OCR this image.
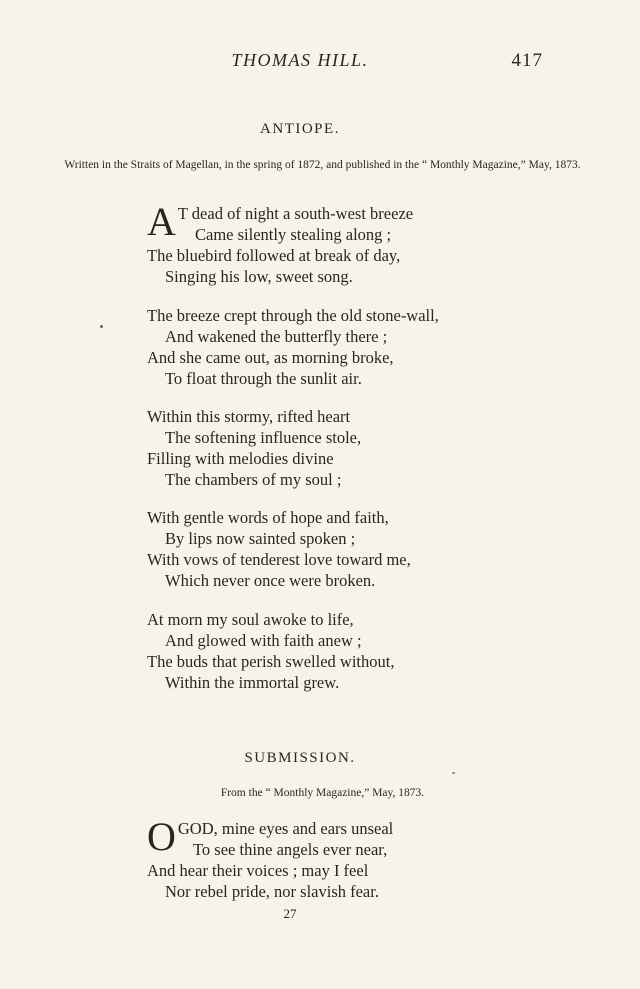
THOMAS HILL.	417
ANTIOPE.
Written in the Straits of Magellan, in the spring of 1872, and published in the “ Monthly Magazine,” May, 1873.
A T dead of night a south-west breeze
Came silently stealing along ;
The bluebird followed at break of day,
Singing his low, sweet song.
The breeze crept through the old stone-wall,
And wakened the butterfly there ;
And she came out, as morning broke,
To float through the sunlit air.
Within this stormy, rifted heart
The softening influence stole,
Filling with melodies divine
The chambers of my soul ;
With gentle words of hope and faith,
By lips now sainted spoken ;
With vows of tenderest love toward me,
Which never once were broken.
At morn my soul awoke to life,
And glowed with faith anew ;
The buds that perish swelled without,
Within the immortal grew.
SUBMISSION.
From the “ Monthly Magazine,” May, 1873.
OGOD, mine eyes and ears unseal
To see thine angels ever near,
And hear their voices ; may I feel
Nor rebel pride, nor slavish fear.
27
